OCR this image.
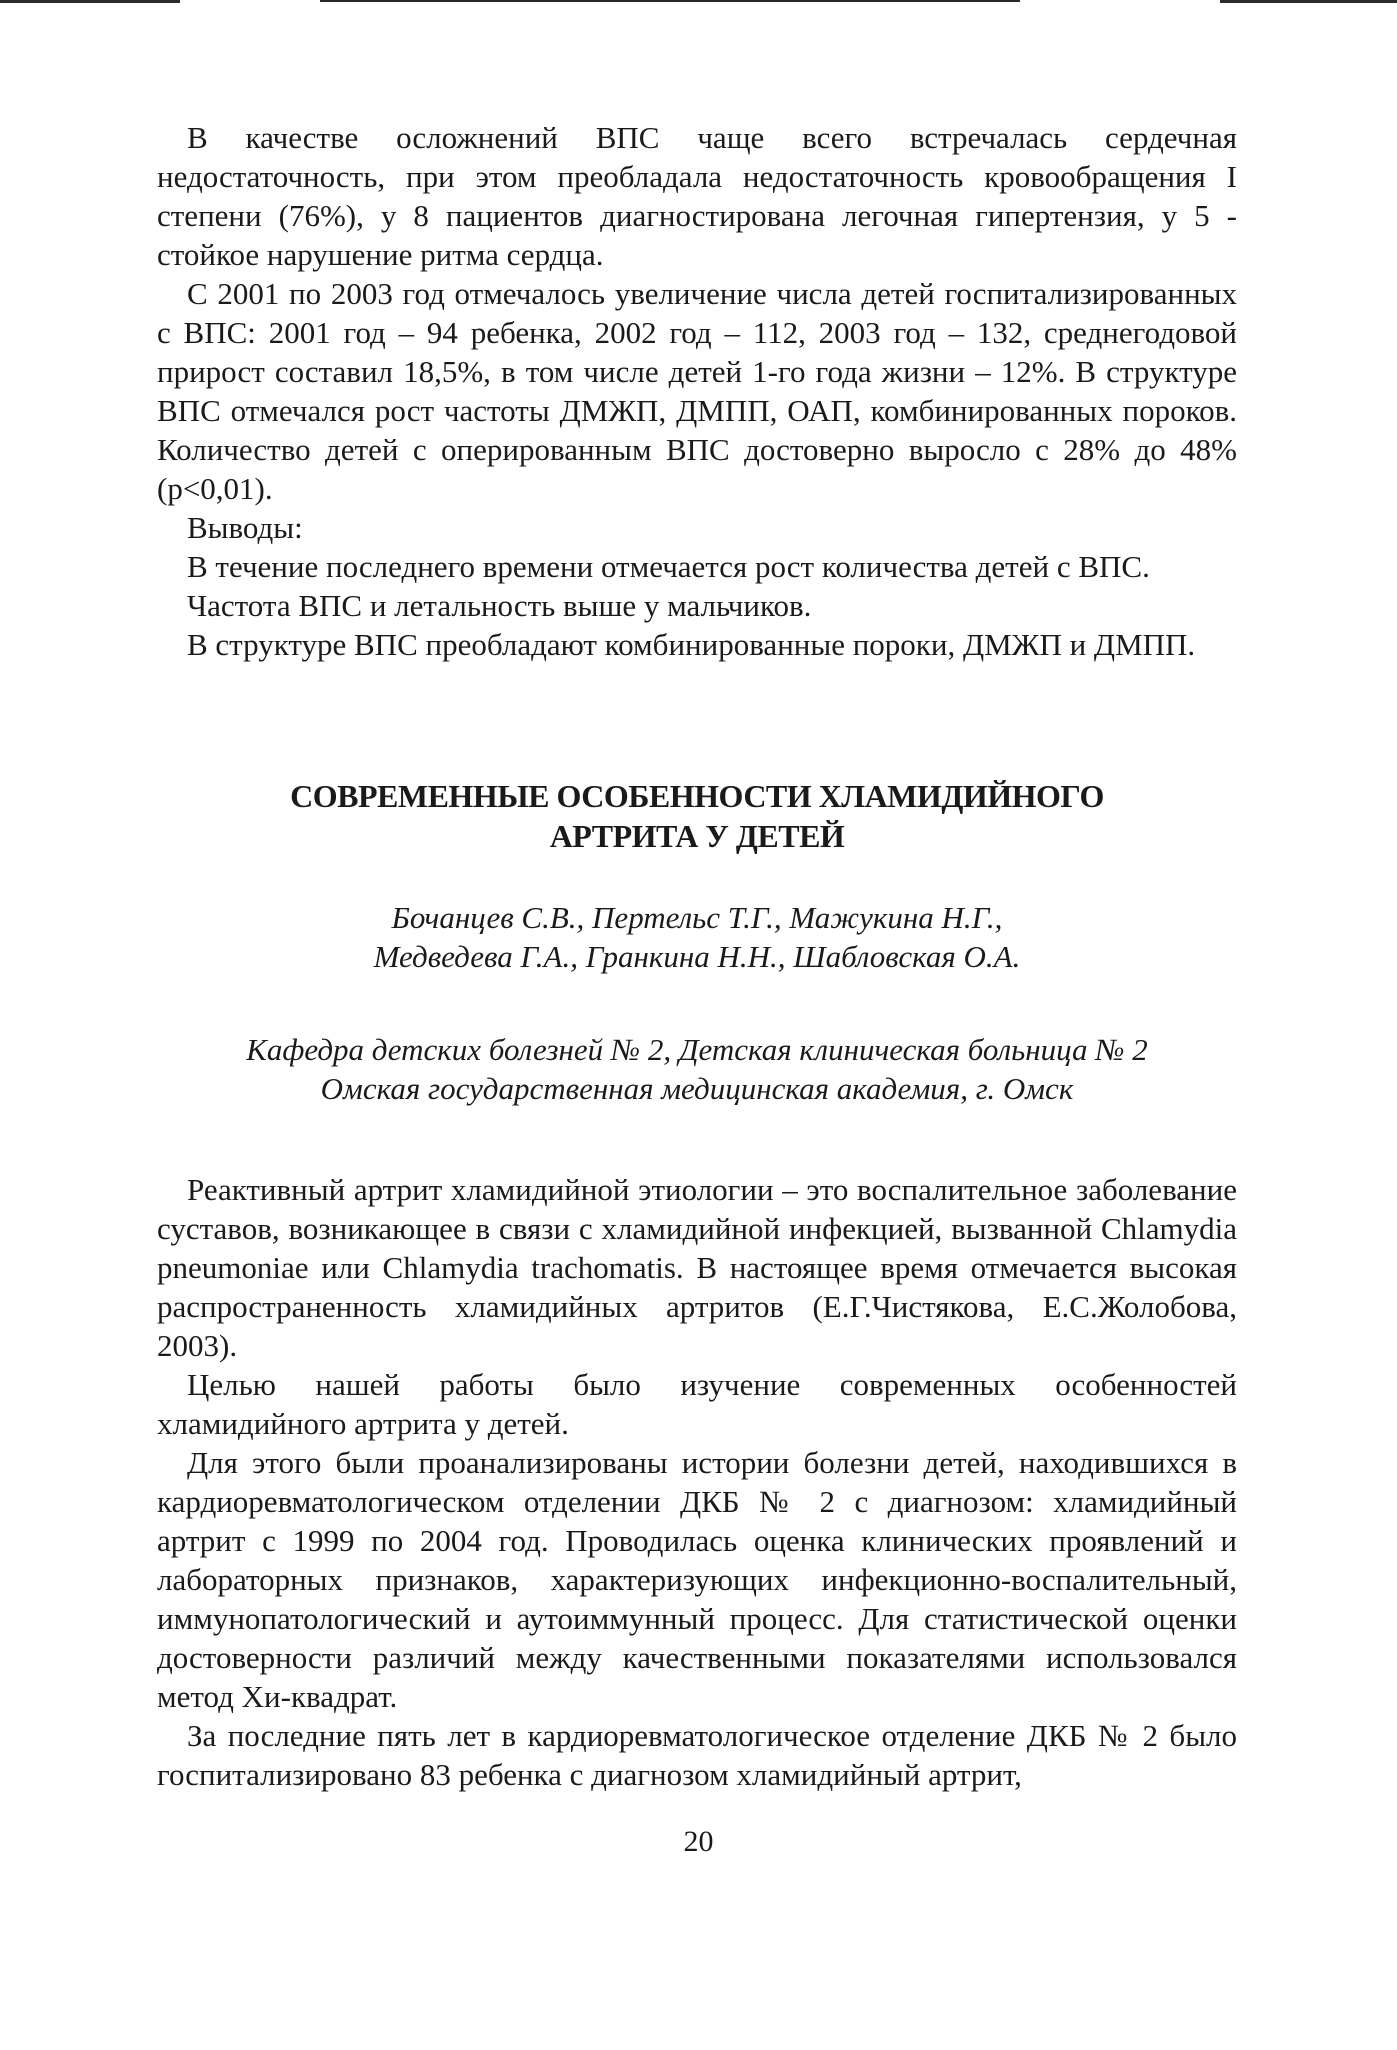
В качестве осложнений ВПС чаще всего встречалась сердечная недостаточность, при этом преобладала недостаточность кровообращения I степени (76%), у 8 пациентов диагностирована легочная гипертензия, у 5 - стойкое нарушение ритма сердца.

С 2001 по 2003 год отмечалось увеличение числа детей госпитализированных с ВПС: 2001 год – 94 ребенка, 2002 год – 112, 2003 год – 132, среднегодовой прирост составил 18,5%, в том числе детей 1-го года жизни – 12%. В структуре ВПС отмечался рост частоты ДМЖП, ДМПП, ОАП, комбинированных пороков. Количество детей с оперированным ВПС достоверно выросло с 28% до 48% (p<0,01).

Выводы:

В течение последнего времени отмечается рост количества детей с ВПС.

Частота ВПС и летальность выше у мальчиков.

В структуре ВПС преобладают комбинированные пороки, ДМЖП и ДМПП.

СОВРЕМЕННЫЕ ОСОБЕННОСТИ ХЛАМИДИЙНОГО
АРТРИТА У ДЕТЕЙ
Бочанцев С.В., Пертельс Т.Г., Мажукина Н.Г.,
Медведева Г.А., Гранкина Н.Н., Шабловская О.А.
Кафедра детских болезней № 2, Детская клиническая больница № 2
Омская государственная медицинская академия, г. Омск

Реактивный артрит хламидийной этиологии – это воспалительное заболевание суставов, возникающее в связи с хламидийной инфекцией, вызванной Chlamydia pneumoniae или Chlamydia trachomatis. В настоящее время отмечается высокая распространенность хламидийных артритов (Е.Г.Чистякова, Е.С.Жолобова, 2003).

Целью нашей работы было изучение современных особенностей хламидийного артрита у детей.

Для этого были проанализированы истории болезни детей, находившихся в кардиоревматологическом отделении ДКБ № 2 с диагнозом: хламидийный артрит с 1999 по 2004 год. Проводилась оценка клинических проявлений и лабораторных признаков, характеризующих инфекционно-воспалительный, иммунопатологический и аутоиммунный процесс. Для статистической оценки достоверности различий между качественными показателями использовался метод Хи-квадрат.

За последние пять лет в кардиоревматологическое отделение ДКБ № 2 было госпитализировано 83 ребенка с диагнозом хламидийный артрит,

20
